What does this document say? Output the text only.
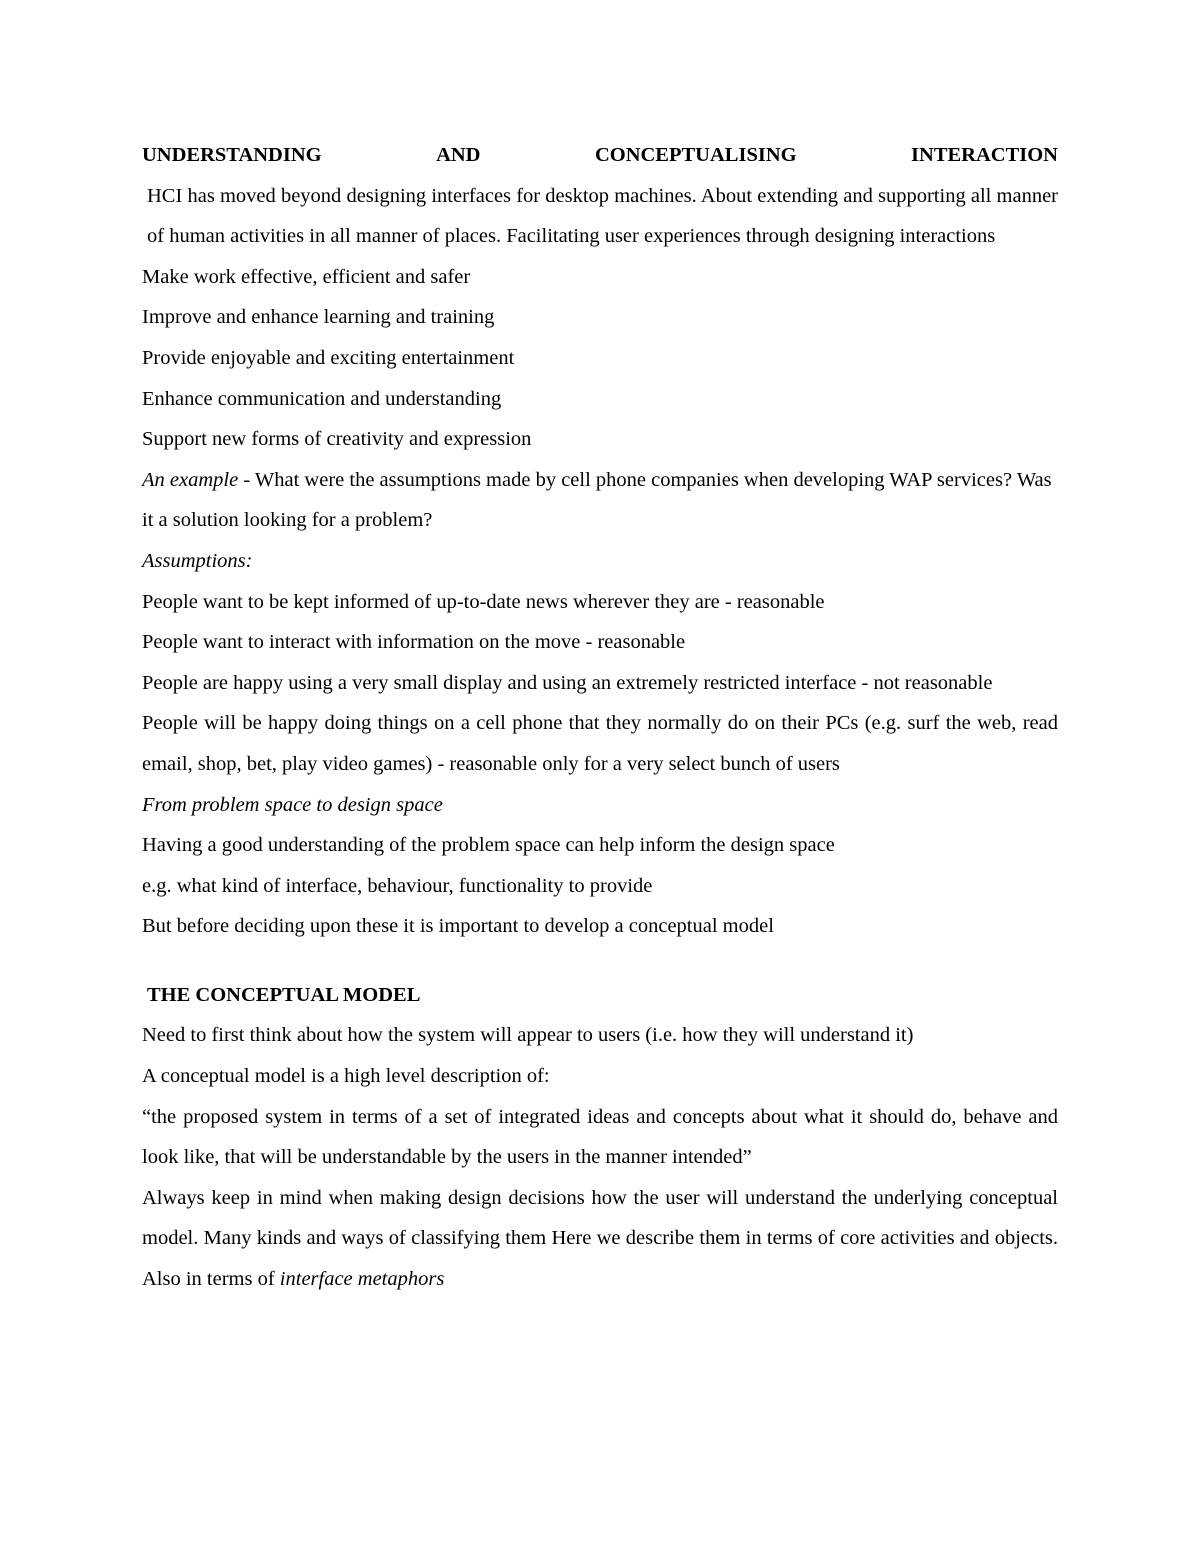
UNDERSTANDING	AND	CONCEPTUALISING	INTERACTION

HCI has moved beyond designing interfaces for desktop machines. About extending and supporting all manner of human activities in all manner of places. Facilitating user experiences through designing interactions

Make work effective, efficient and safer

Improve and enhance learning and training

Provide enjoyable and exciting entertainment

Enhance communication and understanding

Support new forms of creativity and expression

An example - What were the assumptions made by cell phone companies when developing WAP services? Was it a solution looking for a problem?

Assumptions:

People want to be kept informed of up-to-date news wherever they are - reasonable

People want to interact with information on the move - reasonable

People are happy using a very small display and using an extremely restricted interface - not reasonable

People will be happy doing things on a cell phone that they normally do on their PCs (e.g. surf the web, read email, shop, bet, play video games) - reasonable only for a very select bunch of users

From problem space to design space

Having a good understanding of the problem space can help inform the design space

e.g. what kind of interface, behaviour, functionality to provide

But before deciding upon these it is important to develop a conceptual model

THE CONCEPTUAL MODEL

Need to first think about how the system will appear to users (i.e. how they will understand it)

A conceptual model is a high level description of:

“the proposed system in terms of a set of integrated ideas and concepts about what it should do, behave and look like, that will be understandable by the users in the manner intended”

Always keep in mind when making design decisions how the user will understand the underlying conceptual model. Many kinds and ways of classifying them Here we describe them in terms of core activities and objects. Also in terms of interface metaphors
